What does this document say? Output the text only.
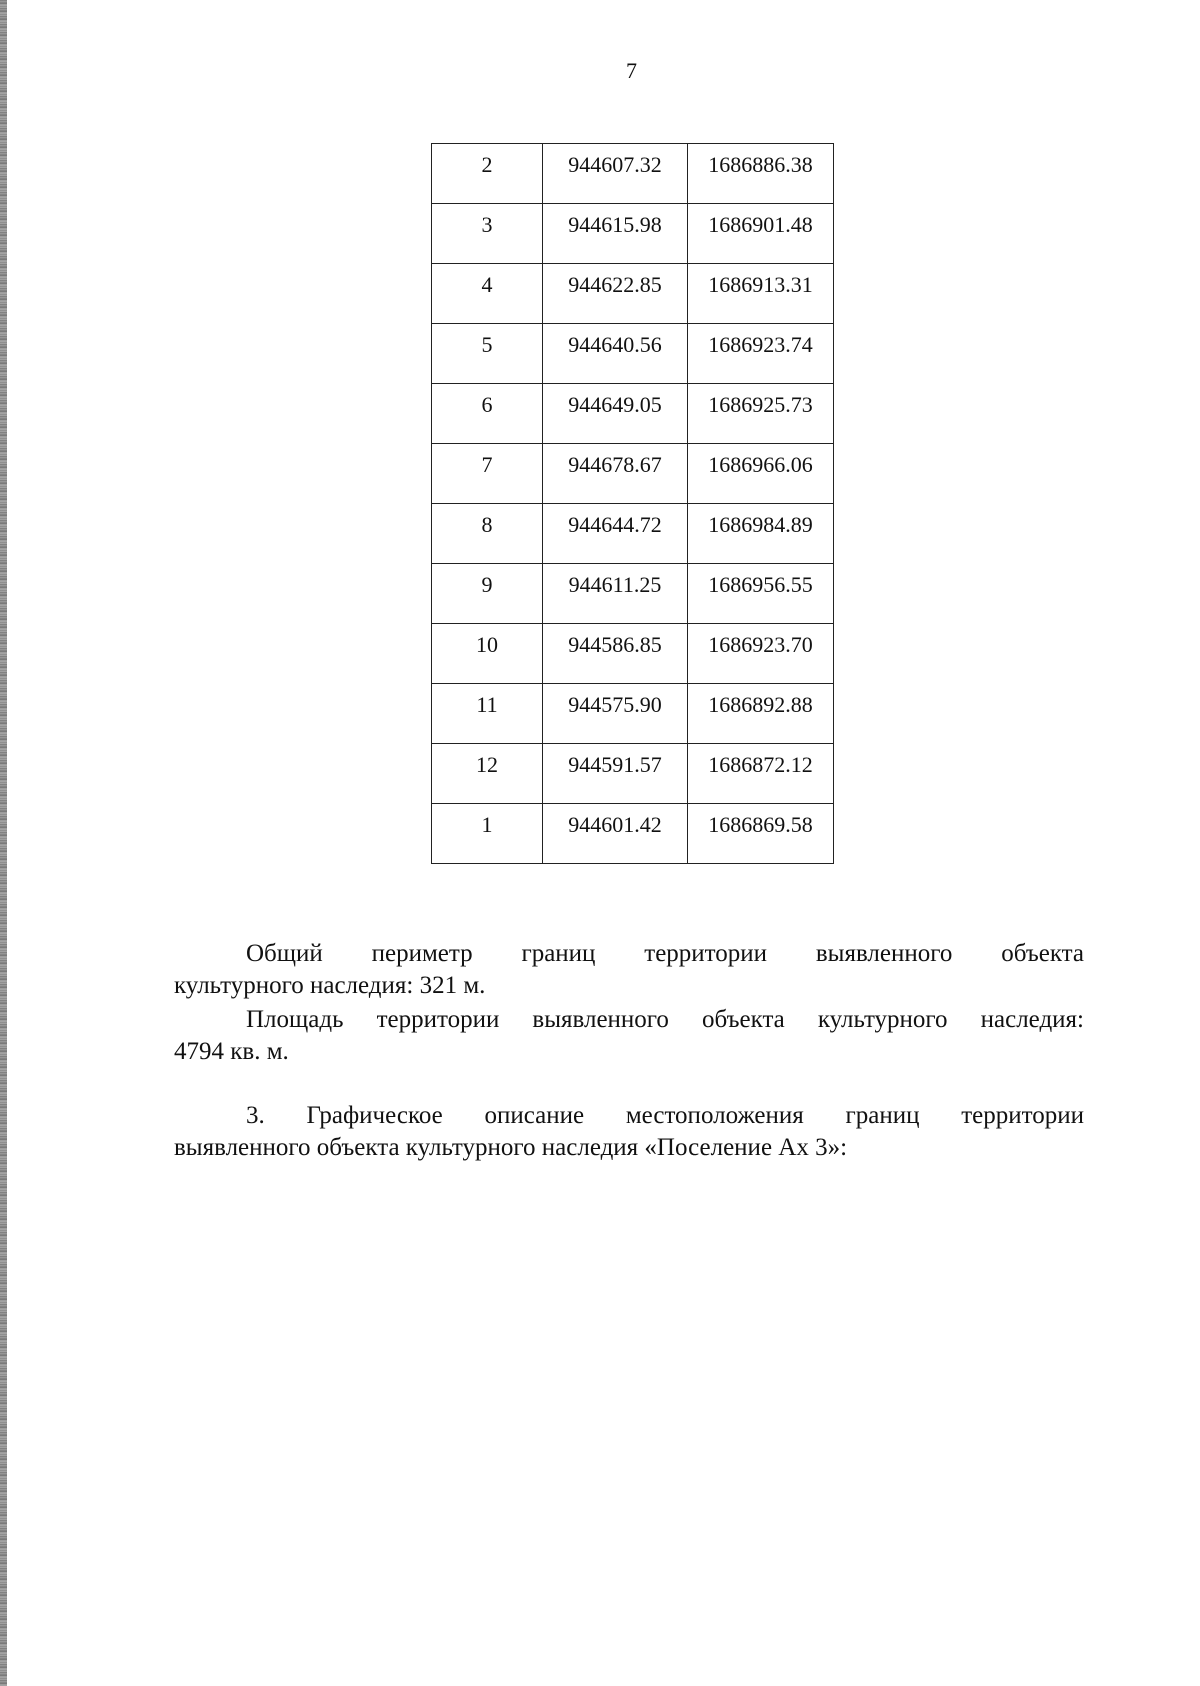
7
2	944607.32	1686886.38
3	944615.98	1686901.48
4	944622.85	1686913.31
5	944640.56	1686923.74
6	944649.05	1686925.73
7	944678.67	1686966.06
8	944644.72	1686984.89
9	944611.25	1686956.55
10	944586.85	1686923.70
11	944575.90	1686892.88
12	944591.57	1686872.12
1	944601.42	1686869.58
Общий периметр границ территории выявленного объекта
культурного наследия: 321 м.
Площадь территории выявленного объекта культурного наследия:
4794 кв. м.
3. Графическое описание местоположения границ территории
выявленного объекта культурного наследия «Поселение Ах 3»:
